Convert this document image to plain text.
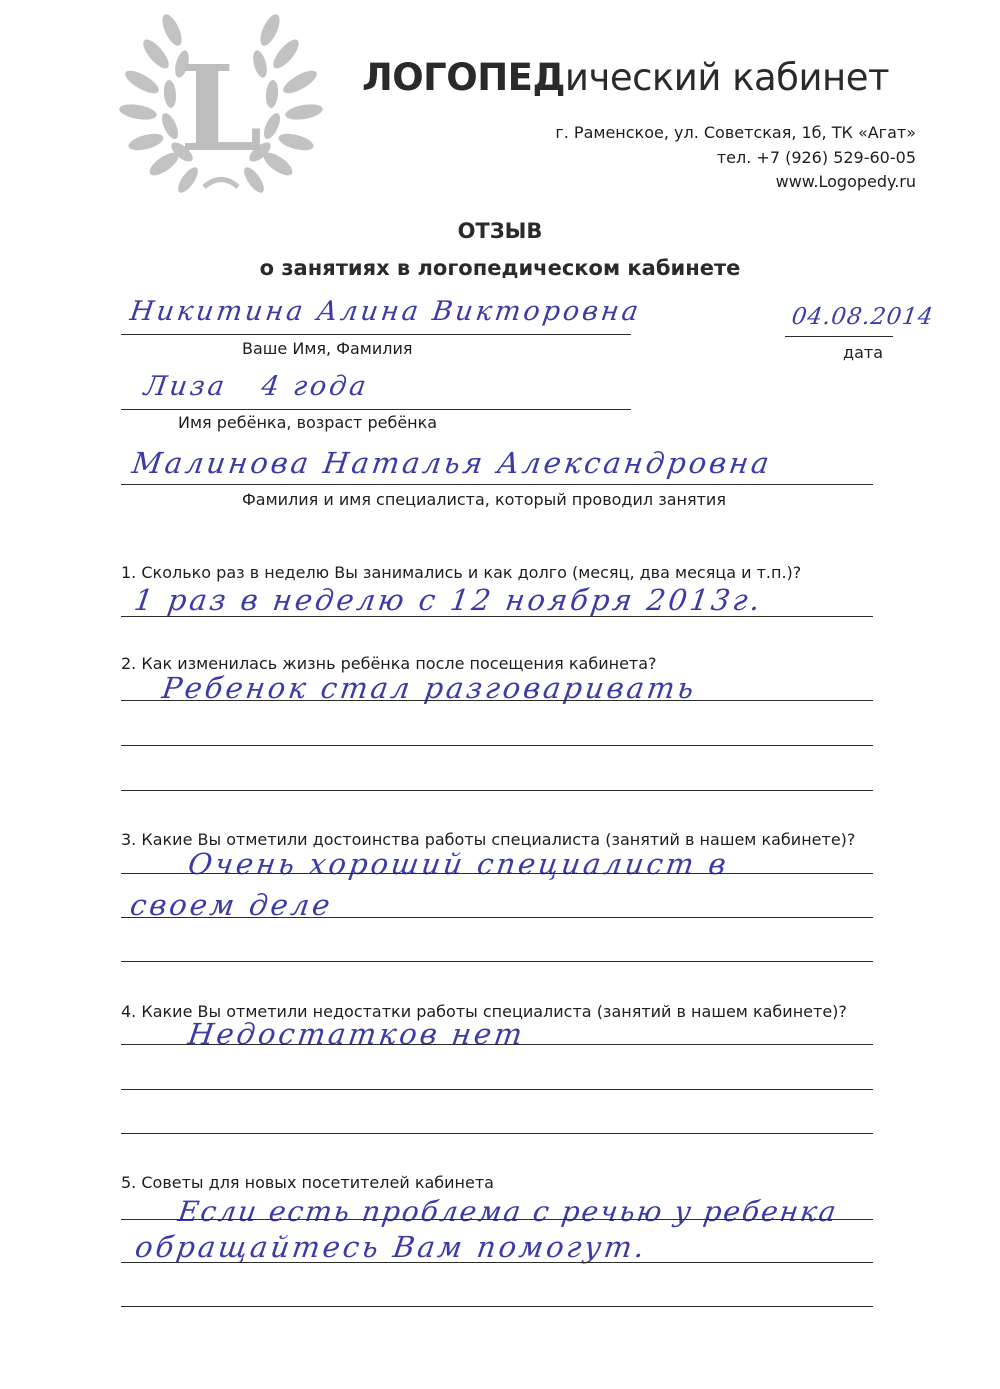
L	ЛОГОПЕДический кабинет
г. Раменское, ул. Советская, 1б, ТК «Агат»
тел. +7 (926) 529-60-05
www.Logopedy.ru
ОТЗЫВ
о занятиях в логопедическом кабинете
Никитина Алина Викторовна
Ваше Имя, Фамилия
04.08.2014
дата
Лиза   4 года
Имя ребёнка, возраст ребёнка
Малинова Наталья Александровна
Фамилия и имя специалиста, который проводил занятия
1. Сколько раз в неделю Вы занимались и как долго (месяц, два месяца и т.п.)?
1 раз в неделю с 12 ноября 2013г.
2. Как изменилась жизнь ребёнка после посещения кабинета?
Ребенок стал разговаривать
3. Какие Вы отметили достоинства работы специалиста (занятий в нашем кабинете)?
Очень хороший специалист в
своем деле
4. Какие Вы отметили недостатки работы специалиста (занятий в нашем кабинете)?
Недостатков нет
5. Советы для новых посетителей кабинета
Если есть проблема с речью у ребенка
обращайтесь Вам помогут.
